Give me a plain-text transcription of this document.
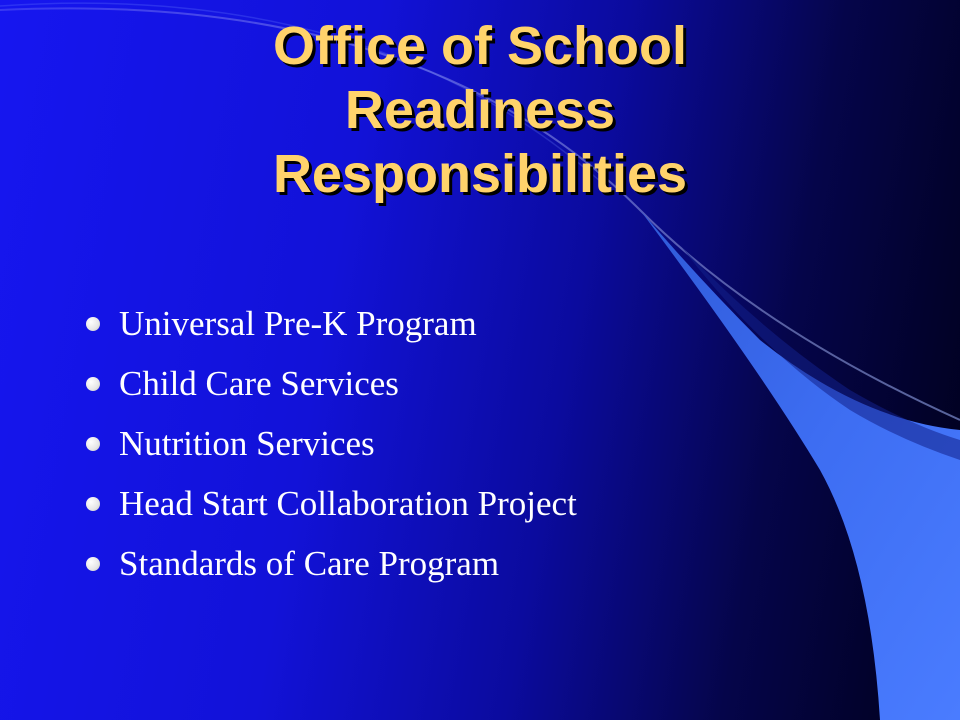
Office of School
Readiness
Responsibilities
Universal Pre-K Program
Child Care Services
Nutrition Services
Head Start Collaboration Project
Standards of Care Program
